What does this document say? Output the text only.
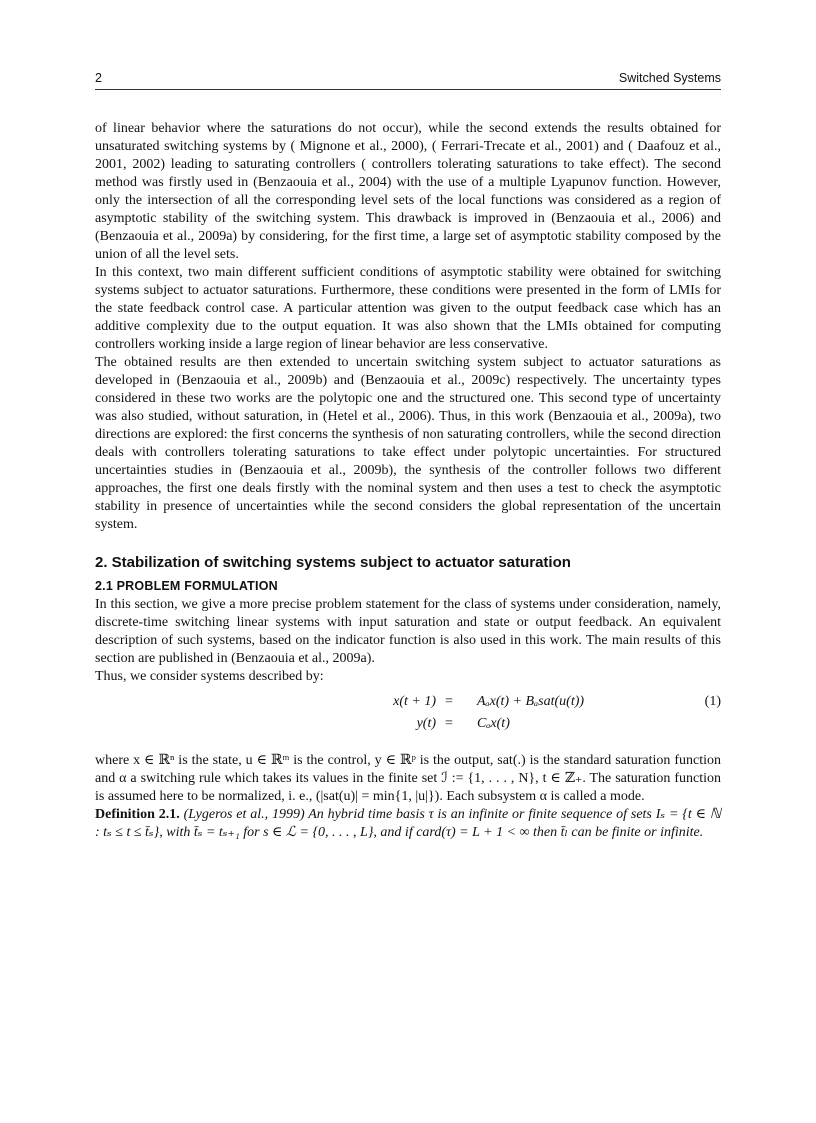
2	Switched Systems

of linear behavior where the saturations do not occur), while the second extends the results obtained for unsaturated switching systems by ( Mignone et al., 2000), ( Ferrari-Trecate et al., 2001) and ( Daafouz et al., 2001, 2002) leading to saturating controllers ( controllers tolerating saturations to take effect). The second method was firstly used in (Benzaouia et al., 2004) with the use of a multiple Lyapunov function. However, only the intersection of all the corresponding level sets of the local functions was considered as a region of asymptotic stability of the switching system. This drawback is improved in (Benzaouia et al., 2006) and (Benzaouia et al., 2009a) by considering, for the first time, a large set of asymptotic stability composed by the union of all the level sets.

In this context, two main different sufficient conditions of asymptotic stability were obtained for switching systems subject to actuator saturations. Furthermore, these conditions were presented in the form of LMIs for the state feedback control case. A particular attention was given to the output feedback case which has an additive complexity due to the output equation. It was also shown that the LMIs obtained for computing controllers working inside a large region of linear behavior are less conservative.

The obtained results are then extended to uncertain switching system subject to actuator saturations as developed in (Benzaouia et al., 2009b) and (Benzaouia et al., 2009c) respectively. The uncertainty types considered in these two works are the polytopic one and the structured one. This second type of uncertainty was also studied, without saturation, in (Hetel et al., 2006). Thus, in this work (Benzaouia et al., 2009a), two directions are explored: the first concerns the synthesis of non saturating controllers, while the second direction deals with controllers tolerating saturations to take effect under polytopic uncertainties. For structured uncertainties studies in (Benzaouia et al., 2009b), the synthesis of the controller follows two different approaches, the first one deals firstly with the nominal system and then uses a test to check the asymptotic stability in presence of uncertainties while the second considers the global representation of the uncertain system.

2. Stabilization of switching systems subject to actuator saturation
2.1 PROBLEM FORMULATION

In this section, we give a more precise problem statement for the class of systems under consideration, namely, discrete-time switching linear systems with input saturation and state or output feedback. An equivalent description of such systems, based on the indicator function is also used in this work. The main results of this section are published in (Benzaouia et al., 2009a).

Thus, we consider systems described by:

x(t + 1) = Aₐx(t) + Bₐsat(u(t))	(1)
y(t) = Cₐx(t)

where x ∈ ℝⁿ is the state, u ∈ ℝᵐ is the control, y ∈ ℝᵖ is the output, sat(.) is the standard saturation function and α a switching rule which takes its values in the finite set ℐ := {1, . . . , N}, t ∈ ℤ₊. The saturation function is assumed here to be normalized, i. e., (|sat(u)| = min{1, |u|}). Each subsystem α is called a mode.

Definition 2.1. (Lygeros et al., 1999) An hybrid time basis τ is an infinite or finite sequence of sets Iₛ = {t ∈ ℕ : tₛ ≤ t ≤ t̄ₛ}, with t̄ₛ = tₛ₊₁ for s ∈ ℒ = {0, . . . , L}, and if card(τ) = L + 1 < ∞ then t̄ₗ can be finite or infinite.
